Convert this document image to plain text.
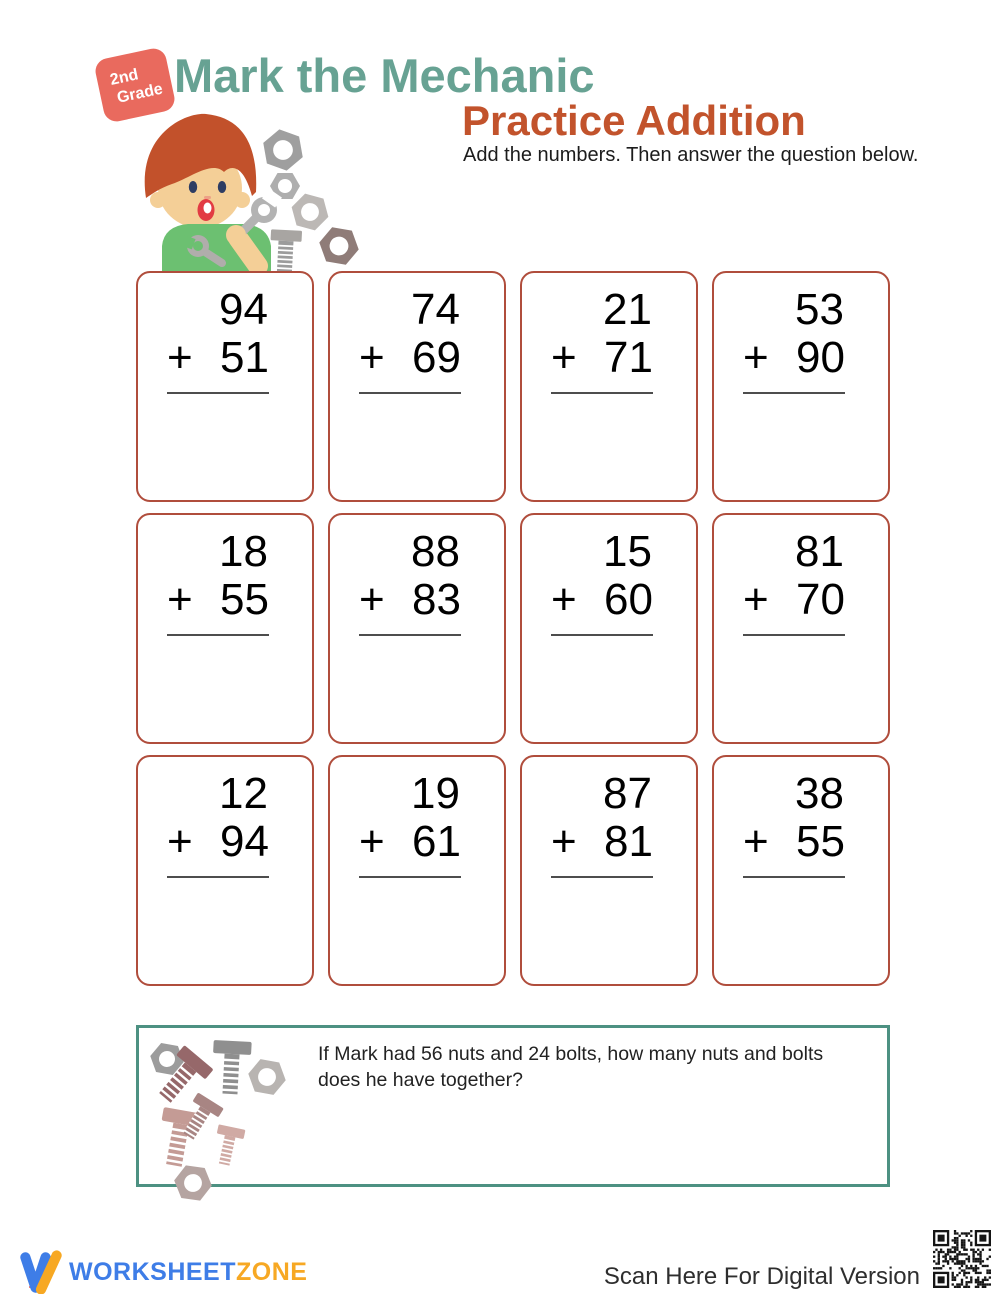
2nd
Grade Mark the Mechanic
Practice Addition

Add the numbers. Then answer the question below.

94
+ 51
74
+ 69
21
+ 71
53
+ 90
18
+ 55
88
+ 83
15
+ 60
81
+ 70
12
+ 94
19
+ 61
87
+ 81
38
+ 55

If Mark had 56 nuts and 24 bolts, how many nuts and bolts
does he have together?

WORKSHEETZONE	Scan Here For Digital Version
